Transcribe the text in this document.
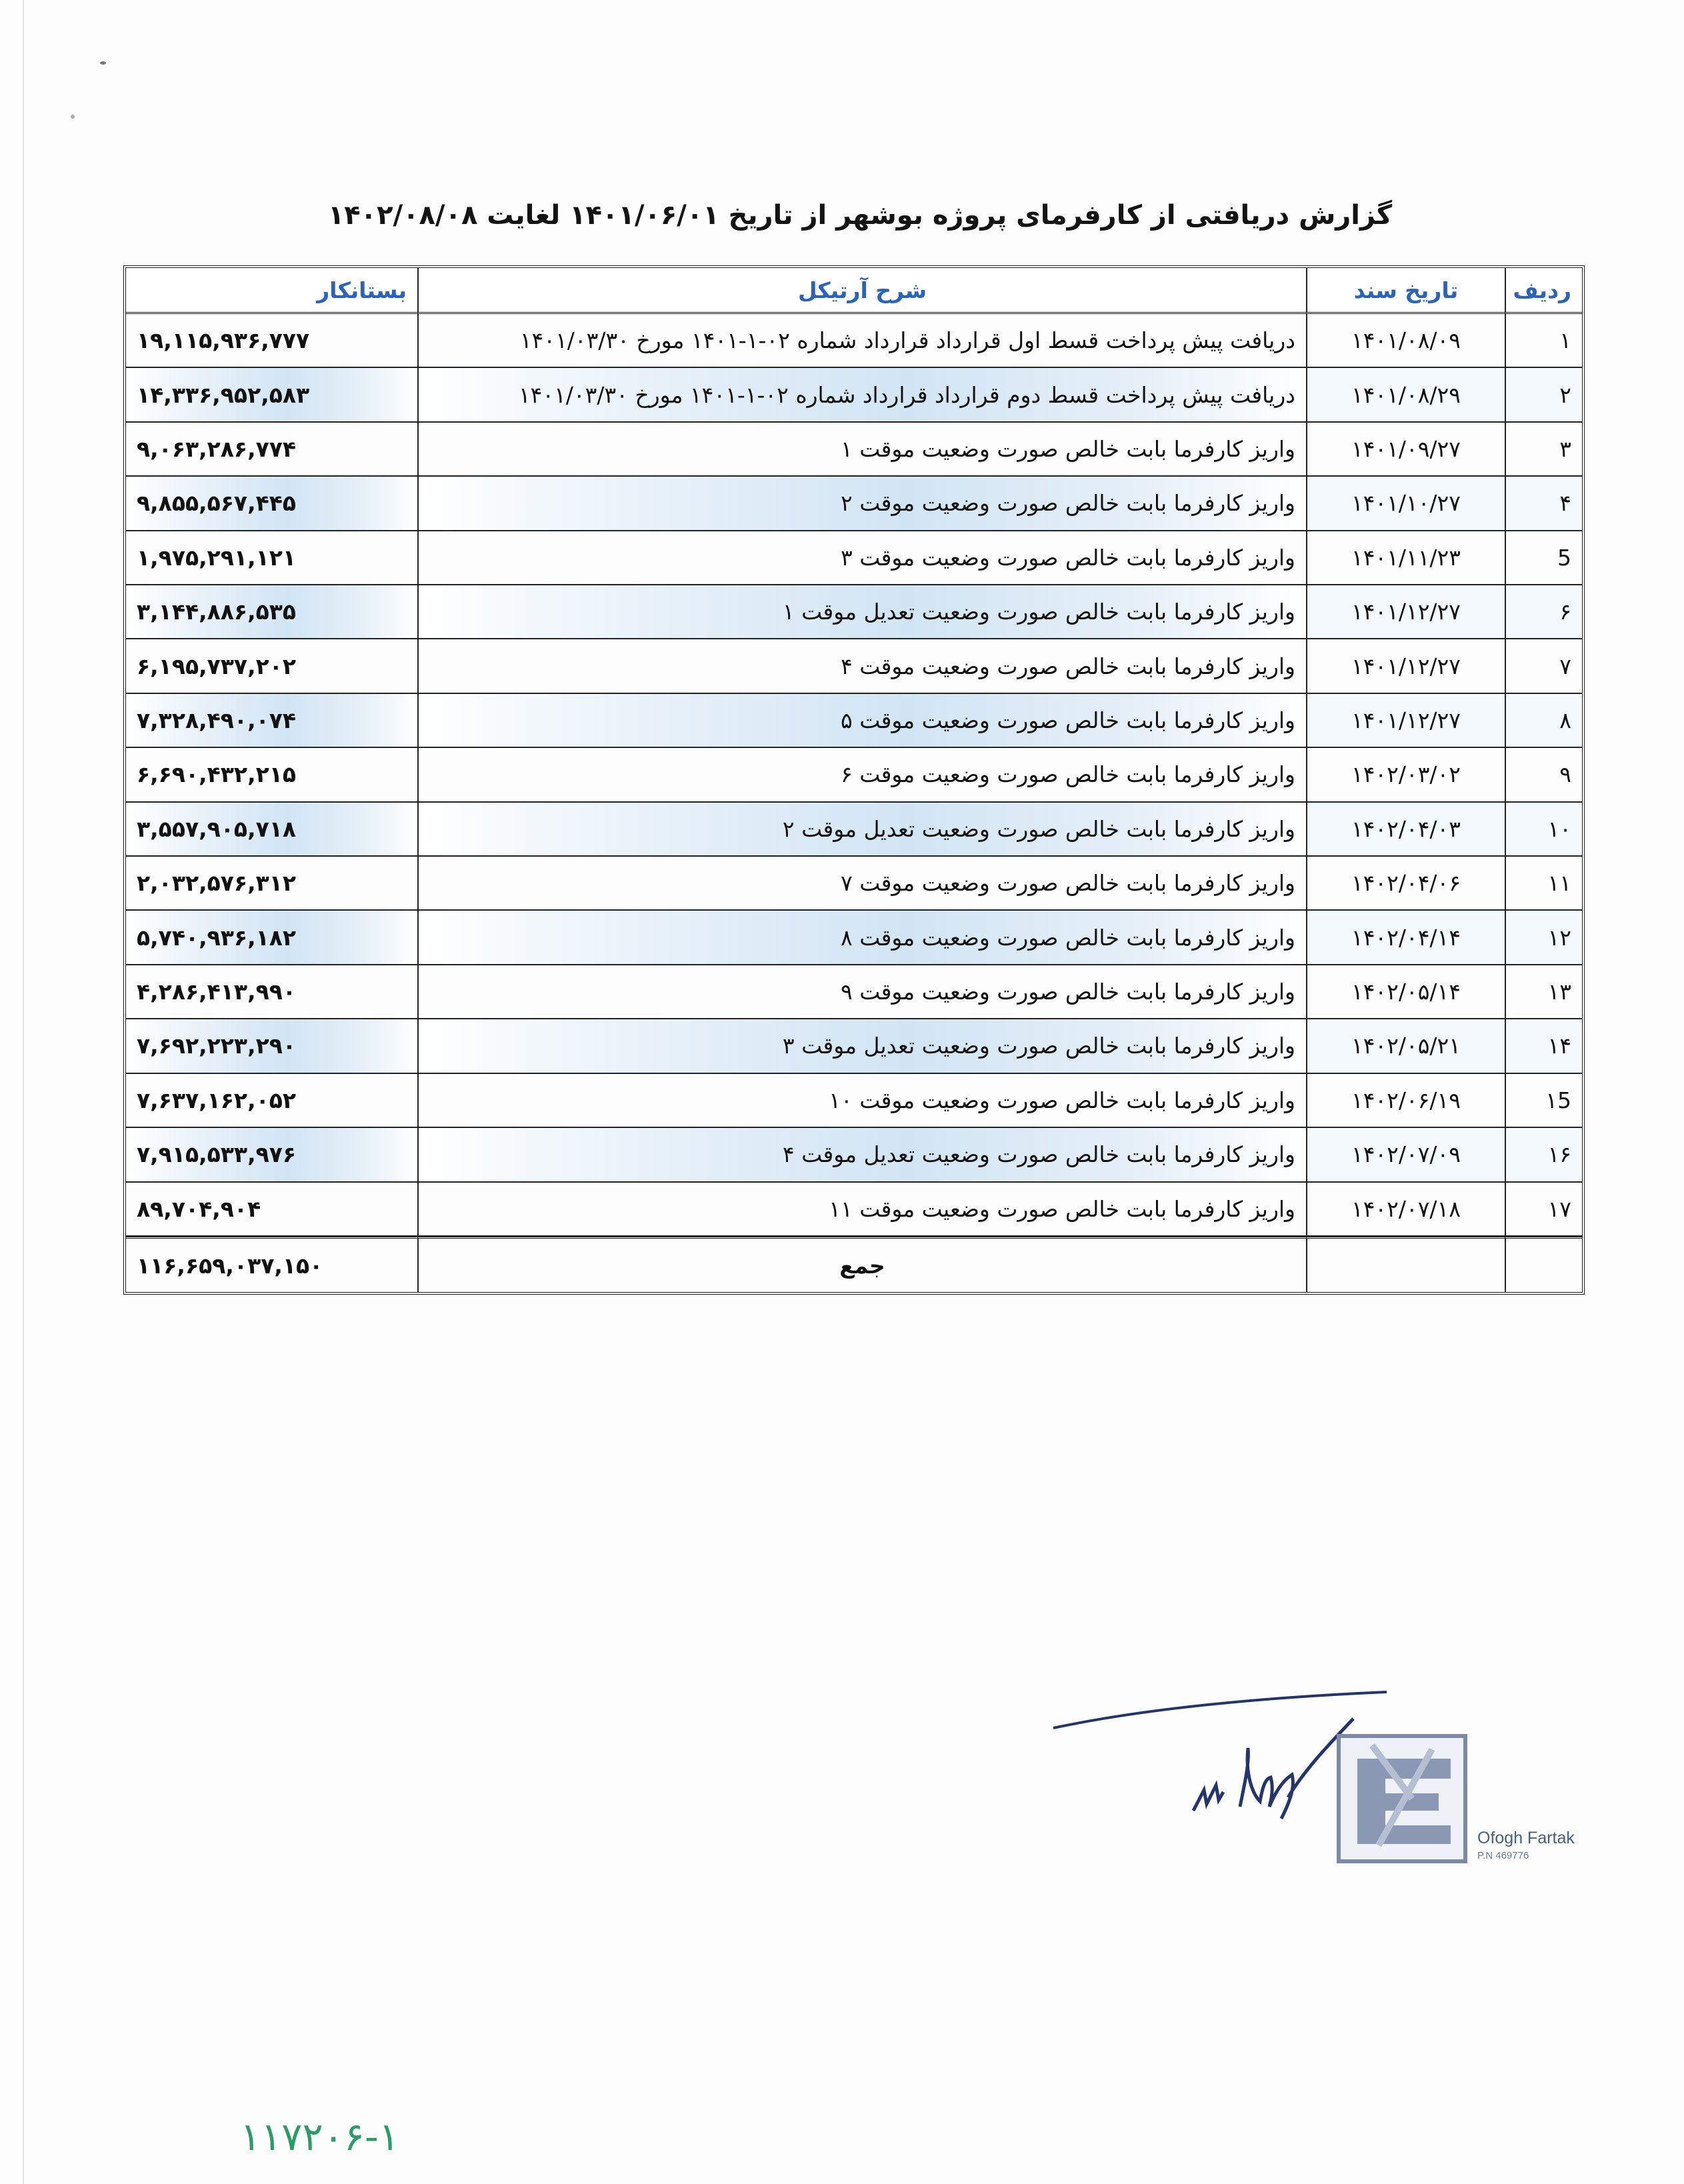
گزارش دریافتی از کارفرمای پروژه بوشهر از تاریخ ۱۴۰۱/۰۶/۰۱ لغایت ۱۴۰۲/۰۸/۰۸
ردیف	تاریخ سند	شرح آرتیکل	بستانکار
۱	۱۴۰۱/۰۸/۰۹	دریافت پیش پرداخت قسط اول قرارداد قرارداد شماره ۰۲-۱-۱۴۰۱ مورخ ۱۴۰۱/۰۳/۳۰	۱۹,۱۱۵,۹۳۶,۷۷۷
۲	۱۴۰۱/۰۸/۲۹	دریافت پیش پرداخت قسط دوم قرارداد قرارداد شماره ۰۲-۱-۱۴۰۱ مورخ ۱۴۰۱/۰۳/۳۰	۱۴,۳۳۶,۹۵۲,۵۸۳
۳	۱۴۰۱/۰۹/۲۷	واریز کارفرما بابت خالص صورت وضعیت موقت ۱	۹,۰۶۳,۲۸۶,۷۷۴
۴	۱۴۰۱/۱۰/۲۷	واریز کارفرما بابت خالص صورت وضعیت موقت ۲	۹,۸۵۵,۵۶۷,۴۴۵
5	۱۴۰۱/۱۱/۲۳	واریز کارفرما بابت خالص صورت وضعیت موقت ۳	۱,۹۷۵,۲۹۱,۱۲۱
۶	۱۴۰۱/۱۲/۲۷	واریز کارفرما بابت خالص صورت وضعیت تعدیل موقت ۱	۳,۱۴۴,۸۸۶,۵۳۵
۷	۱۴۰۱/۱۲/۲۷	واریز کارفرما بابت خالص صورت وضعیت موقت ۴	۶,۱۹۵,۷۳۷,۲۰۲
۸	۱۴۰۱/۱۲/۲۷	واریز کارفرما بابت خالص صورت وضعیت موقت ۵	۷,۳۲۸,۴۹۰,۰۷۴
۹	۱۴۰۲/۰۳/۰۲	واریز کارفرما بابت خالص صورت وضعیت موقت ۶	۶,۶۹۰,۴۳۲,۲۱۵
۱۰	۱۴۰۲/۰۴/۰۳	واریز کارفرما بابت خالص صورت وضعیت تعدیل موقت ۲	۳,۵۵۷,۹۰۵,۷۱۸
۱۱	۱۴۰۲/۰۴/۰۶	واریز کارفرما بابت خالص صورت وضعیت موقت ۷	۲,۰۳۲,۵۷۶,۳۱۲
۱۲	۱۴۰۲/۰۴/۱۴	واریز کارفرما بابت خالص صورت وضعیت موقت ۸	۵,۷۴۰,۹۳۶,۱۸۲
۱۳	۱۴۰۲/۰۵/۱۴	واریز کارفرما بابت خالص صورت وضعیت موقت ۹	۴,۲۸۶,۴۱۳,۹۹۰
۱۴	۱۴۰۲/۰۵/۲۱	واریز کارفرما بابت خالص صورت وضعیت تعدیل موقت ۳	۷,۶۹۲,۲۲۳,۲۹۰
۱5	۱۴۰۲/۰۶/۱۹	واریز کارفرما بابت خالص صورت وضعیت موقت ۱۰	۷,۶۳۷,۱۶۲,۰۵۲
۱۶	۱۴۰۲/۰۷/۰۹	واریز کارفرما بابت خالص صورت وضعیت تعدیل موقت ۴	۷,۹۱۵,۵۳۳,۹۷۶
۱۷	۱۴۰۲/۰۷/۱۸	واریز کارفرما بابت خالص صورت وضعیت موقت ۱۱	۸۹,۷۰۴,۹۰۴
		جمع	۱۱۶,۶۵۹,۰۳۷,۱۵۰
Ofogh Fartak
P.N 469776
۱۱۷۲۰۶-۱
